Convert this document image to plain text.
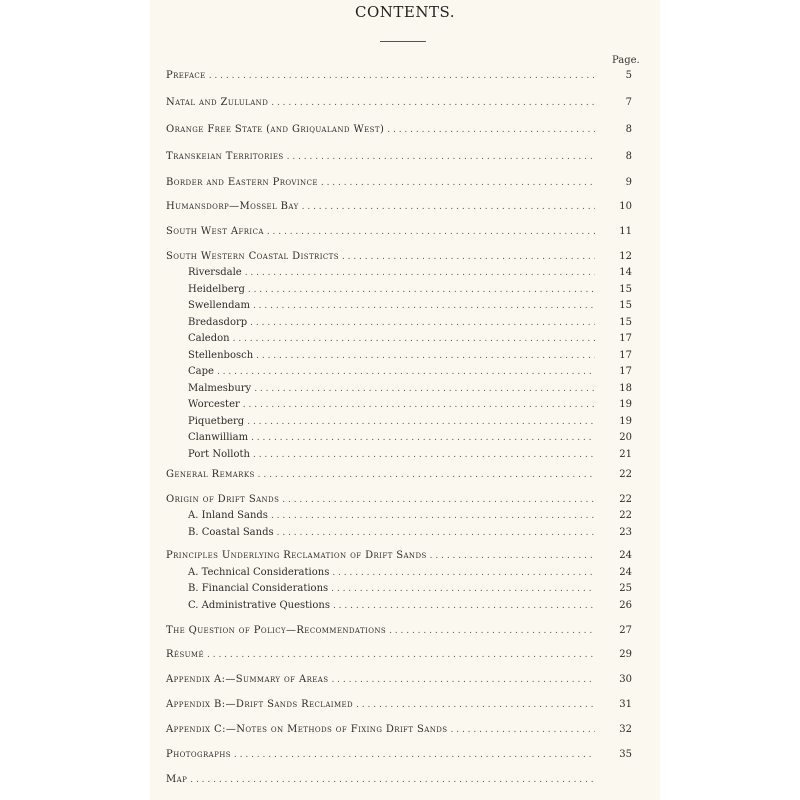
CONTENTS.
Page.
Preface . . .	5
Natal and Zululand . . .	7
Orange Free State (and Griqualand West) . . .	8
Transkeian Territories . . .	8
Border and Eastern Province . . .	9
Humansdorp—Mossel Bay . . .	10
South West Africa . . .	11
South Western Coastal Districts . . .	12
Riversdale . . .	14
Heidelberg . . .	15
Swellendam . . .	15
Bredasdorp . . .	15
Caledon . . .	17
Stellenbosch . . .	17
Cape . . .	17
Malmesbury . . .	18
Worcester . . .	19
Piquetberg . . .	19
Clanwilliam . . .	20
Port Nolloth . . .	21
General Remarks . . .	22
Origin of Drift Sands . . .	22
A. Inland Sands . . .	22
B. Coastal Sands . . .	23
Principles Underlying Reclamation of Drift Sands . . .	24
A. Technical Considerations . . .	24
B. Financial Considerations . . .	25
C. Administrative Questions . . .	26
The Question of Policy—Recommendations . . .	27
Résumé . . .	29
Appendix A:—Summary of Areas . . .	30
Appendix B:—Drift Sands Reclaimed . . .	31
Appendix C:—Notes on Methods of Fixing Drift Sands . . .	32
Photographs . . .	35
Map
. . .
